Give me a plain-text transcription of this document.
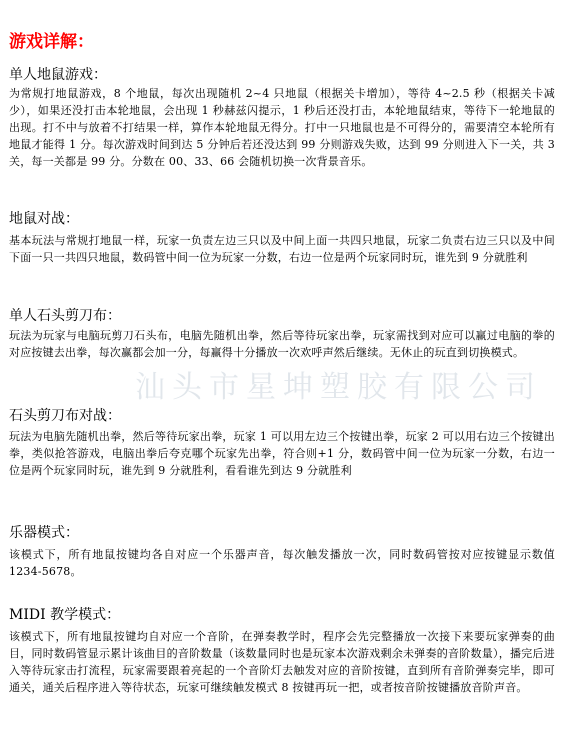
游戏详解：
单人地鼠游戏：

为常规打地鼠游戏，8 个地鼠，每次出现随机 2~4 只地鼠（根据关卡增加），等待 4~2.5 秒（根据关卡减少），如果还没打击本轮地鼠，会出现 1 秒赫兹闪提示，1 秒后还没打击，本轮地鼠结束，等待下一轮地鼠的出现。打不中与放着不打结果一样，算作本轮地鼠无得分。打中一只地鼠也是不可得分的，需要清空本轮所有地鼠才能得 1 分。每次游戏时间到达 5 分钟后若还没达到 99 分则游戏失败，达到 99 分则进入下一关，共 3 关，每一关都是 99 分。分数在 00、33、66 会随机切换一次背景音乐。

地鼠对战：

基本玩法与常规打地鼠一样，玩家一负责左边三只以及中间上面一共四只地鼠，玩家二负责右边三只以及中间下面一只一共四只地鼠，数码管中间一位为玩家一分数，右边一位是两个玩家同时玩，谁先到 9 分就胜利

单人石头剪刀布：

玩法为玩家与电脑玩剪刀石头布，电脑先随机出拳，然后等待玩家出拳，玩家需找到对应可以赢过电脑的拳的对应按键去出拳，每次赢都会加一分，每赢得十分播放一次欢呼声然后继续。无休止的玩直到切换模式。

石头剪刀布对战：

玩法为电脑先随机出拳，然后等待玩家出拳，玩家 1 可以用左边三个按键出拳，玩家 2 可以用右边三个按键出拳，类似抢答游戏，电脑出拳后夸克哪个玩家先出拳，符合则+1 分，数码管中间一位为玩家一分数，右边一位是两个玩家同时玩，谁先到 9 分就胜利，看看谁先到达 9 分就胜利

乐器模式：

该模式下，所有地鼠按键均各自对应一个乐器声音，每次触发播放一次，同时数码管按对应按键显示数值 1234-5678。

MIDI 教学模式：

该模式下，所有地鼠按键均自对应一个音阶，在弹奏教学时，程序会先完整播放一次接下来要玩家弹奏的曲目，同时数码管显示累计该曲目的音阶数量（该数量同时也是玩家本次游戏剩余未弹奏的音阶数量），播完后进入等待玩家击打流程，玩家需要跟着亮起的一个音阶灯去触发对应的音阶按键，直到所有音阶弹奏完毕，即可通关，通关后程序进入等待状态，玩家可继续触发模式 8 按键再玩一把，或者按音阶按键播放音阶声音。

汕头市星坤塑胶有限公司
